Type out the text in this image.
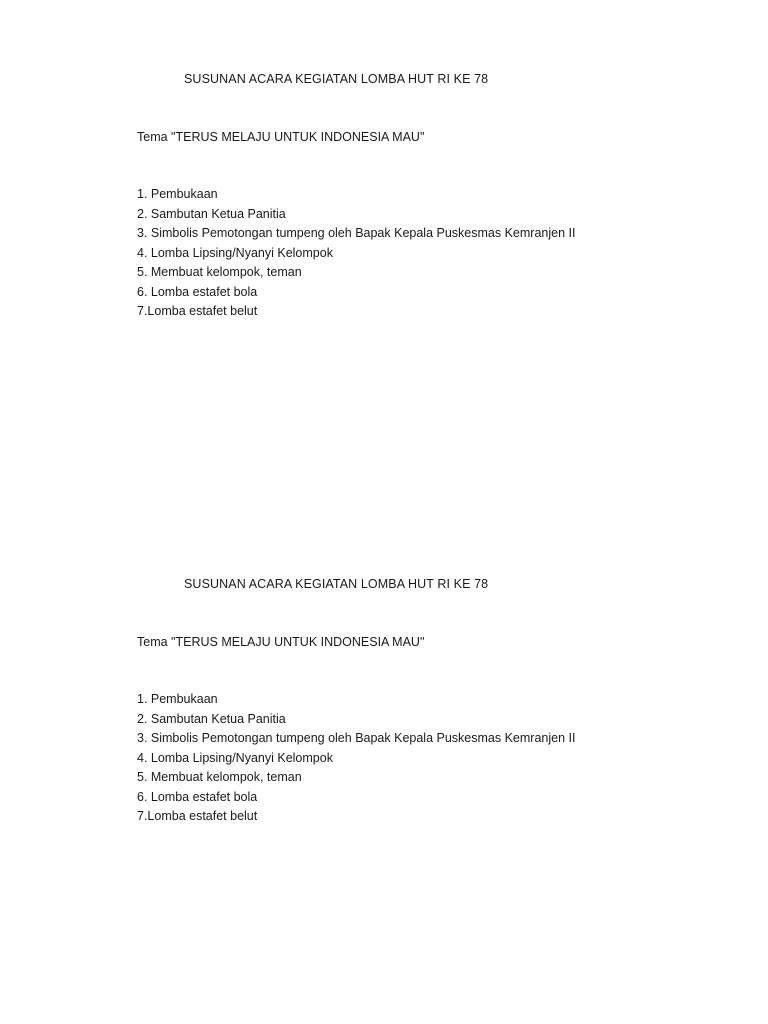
SUSUNAN ACARA KEGIATAN LOMBA HUT RI KE 78
Tema "TERUS MELAJU UNTUK INDONESIA MAU"
1. Pembukaan
2. Sambutan Ketua Panitia
3. Simbolis Pemotongan tumpeng oleh Bapak Kepala Puskesmas Kemranjen II
4. Lomba Lipsing/Nyanyi Kelompok
5. Membuat kelompok, teman
6. Lomba estafet bola
7.Lomba estafet belut
SUSUNAN ACARA KEGIATAN LOMBA HUT RI KE 78
Tema "TERUS MELAJU UNTUK INDONESIA MAU"
1. Pembukaan
2. Sambutan Ketua Panitia
3. Simbolis Pemotongan tumpeng oleh Bapak Kepala Puskesmas Kemranjen II
4. Lomba Lipsing/Nyanyi Kelompok
5. Membuat kelompok, teman
6. Lomba estafet bola
7.Lomba estafet belut
